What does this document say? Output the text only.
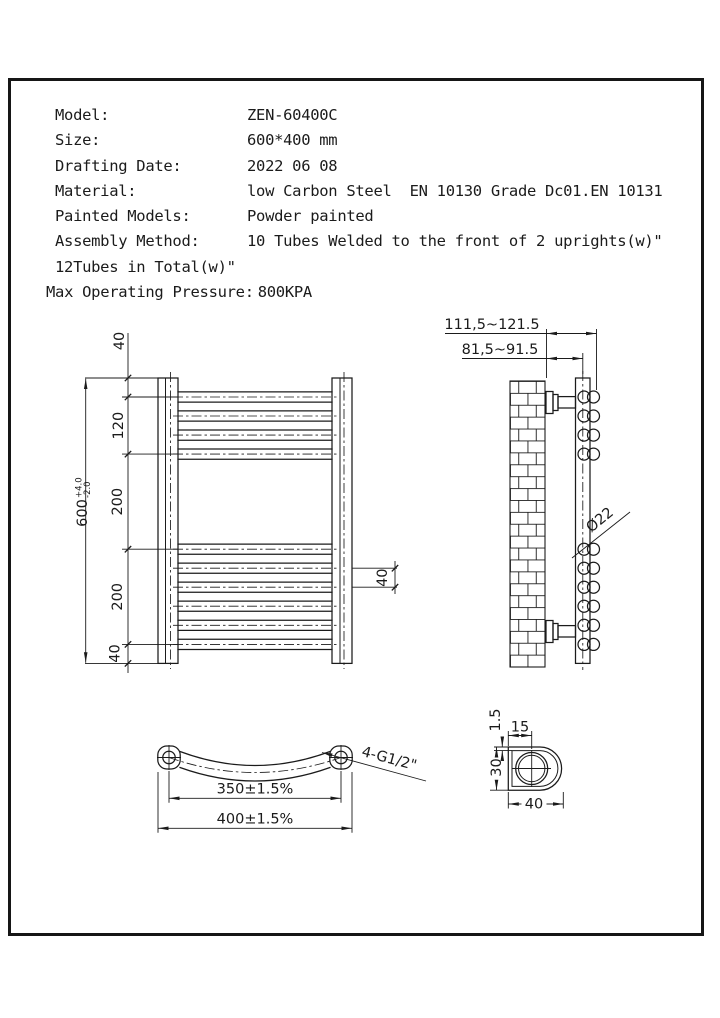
Model:	ZEN-60400C
Size:	600*400 mm
Drafting Date:	2022 06 08
Material:	low Carbon Steel  EN 10130 Grade Dc01.EN 10131
Painted Models:	Powder painted
Assembly Method:	10 Tubes Welded to the front of 2 uprights(w)"
12Tubes in Total(w)"
Max Operating Pressure: 800KPA
600
+4.0
-2.0
40
120
200
200
40
40
111,5~121.5
81,5~91.5
Ø22
350±1.5%
400±1.5%
4-G1/2"	30
1.5 15
40
